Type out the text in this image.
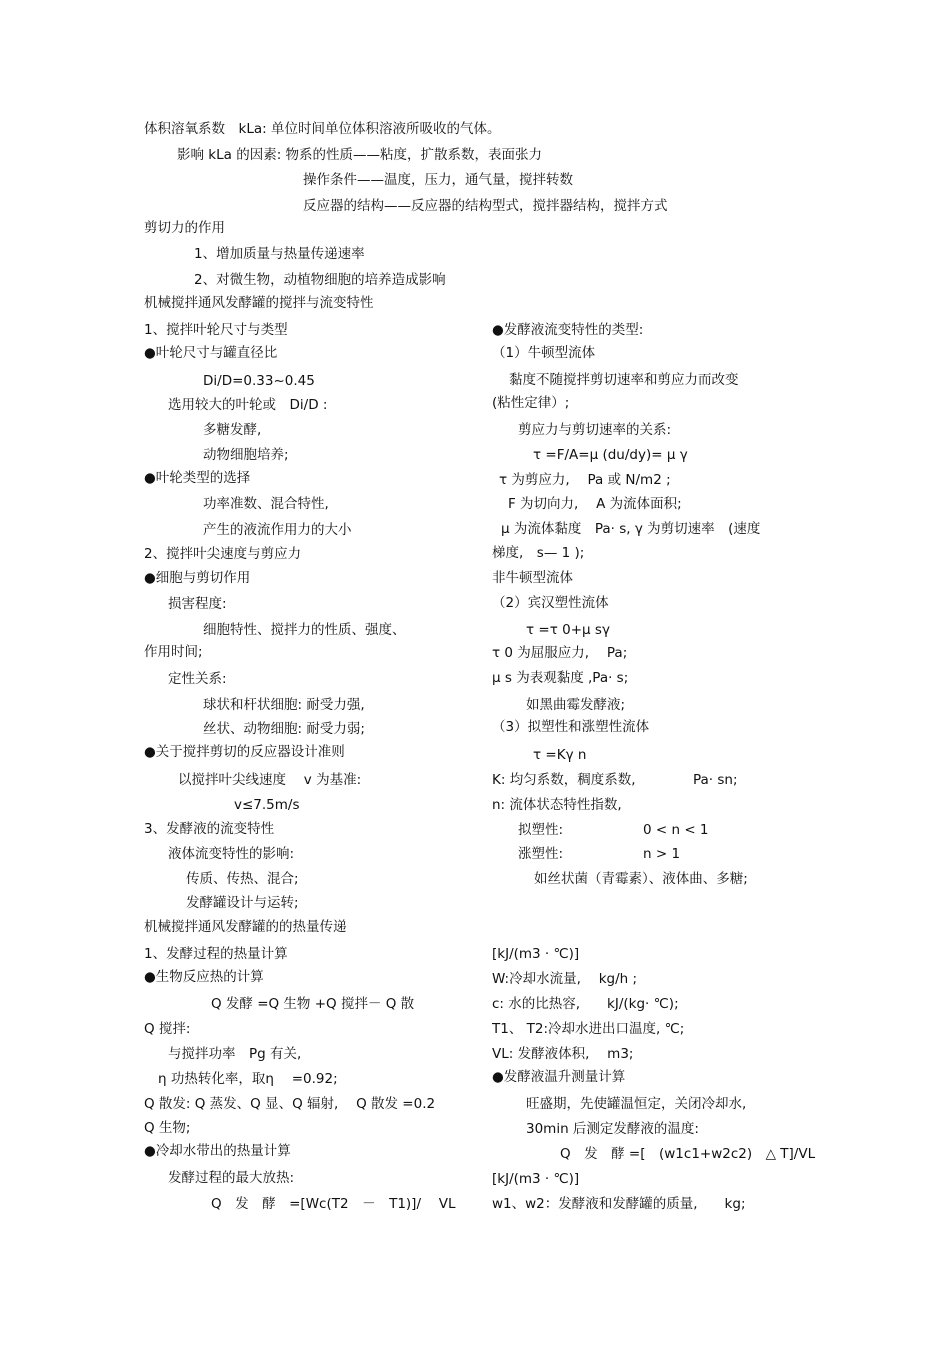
体积溶氧系数　kLa: 单位时间单位体积溶液所吸收的气体。
影响 kLa 的因素: 物系的性质——粘度，扩散系数，表面张力
操作条件——温度，压力，通气量，搅拌转数
反应器的结构——反应器的结构型式，搅拌器结构，搅拌方式
剪切力的作用
1、增加质量与热量传递速率
2、对微生物，动植物细胞的培养造成影响
机械搅拌通风发酵罐的搅拌与流变特性
1、搅拌叶轮尺寸与类型
●叶轮尺寸与罐直径比
Di/D=0.33~0.45
选用较大的叶轮或　Di/D :
多糖发酵,
动物细胞培养;
●叶轮类型的选择
功率准数、混合特性,
产生的液流作用力的大小
2、搅拌叶尖速度与剪应力
●细胞与剪切作用
损害程度:
细胞特性、搅拌力的性质、强度、
作用时间;
定性关系:
球状和杆状细胞: 耐受力强,
丝状、动物细胞: 耐受力弱;
●关于搅拌剪切的反应器设计准则
以搅拌叶尖线速度　 v 为基准:
v≤7.5m/s
3、发酵液的流变特性
液体流变特性的影响:
传质、传热、混合;
发酵罐设计与运转;
●发酵液流变特性的类型:
（1）牛顿型流体
黏度不随搅拌剪切速率和剪应力而改变
(粘性定律）;
剪应力与剪切速率的关系:
τ =F/A=μ (du/dy)= μ γ
τ 为剪应力,　 Pa 或 N/m2 ;
F 为切向力,　 A 为流体面积;
μ 为流体黏度　Pa· s, γ 为剪切速率　(速度
梯度,　s— 1 );
非牛顿型流体
（2）宾汉塑性流体
τ =τ 0+μ sγ
τ 0 为屈服应力,　 Pa;
μ s 为表观黏度 ,Pa· s;
如黑曲霉发酵液;
（3）拟塑性和涨塑性流体
τ =Kγ n
K: 均匀系数，稠度系数,	Pa· sn;
n: 流体状态特性指数,
拟塑性:	0 < n < 1
涨塑性:	n > 1
如丝状菌（青霉素）、液体曲、多糖;
机械搅拌通风发酵罐的的热量传递
1、发酵过程的热量计算
●生物反应热的计算
Q 发酵 =Q 生物 +Q 搅拌－ Q 散
Q 搅拌:
与搅拌功率　Pg 有关,
η 功热转化率，取η　 =0.92;
Q 散发: Q 蒸发、Q 显、Q 辐射,　 Q 散发 =0.2
Q 生物;
●冷却水带出的热量计算
发酵过程的最大放热:
Q　发　酵　=[Wc(T2　－　T1)]/　 VL
[kJ/(m3 · ℃)]
W:冷却水流量,　 kg/h ;
c: 水的比热容,　　kJ/(kg· ℃);
T1、 T2:冷却水进出口温度, ℃;
VL: 发酵液体积,　 m3;
●发酵液温升测量计算
旺盛期，先使罐温恒定，关闭冷却水,
30min 后测定发酵液的温度:
Q　发　酵 =[　(w1c1+w2c2)　△ T]/VL
[kJ/(m3 · ℃)]
w1、w2：发酵液和发酵罐的质量,　　kg;
